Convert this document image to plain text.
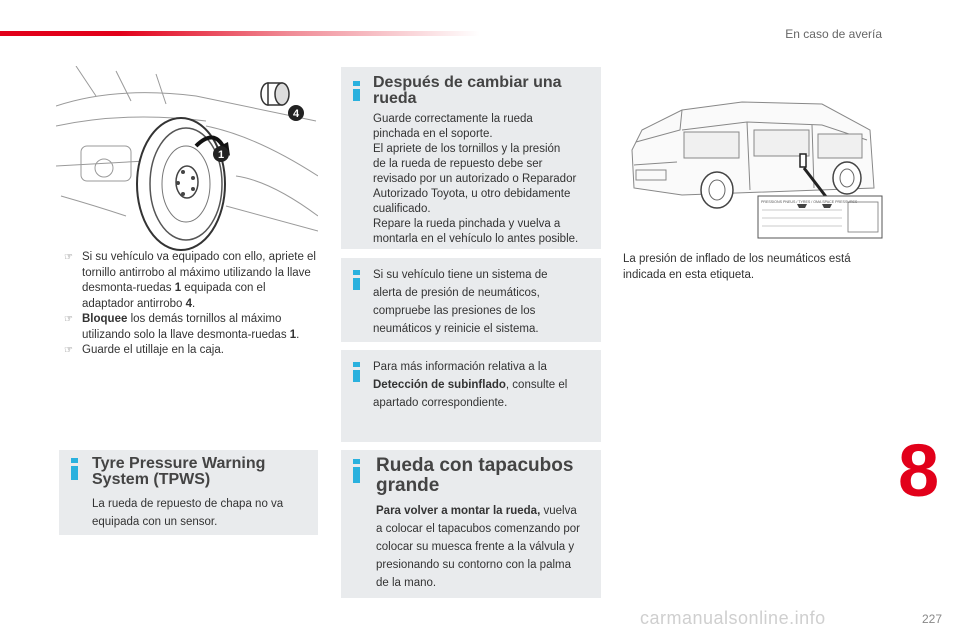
En caso de avería
4
1
☞ Si su vehículo va equipado con ello, apriete el tornillo antirrobo al máximo utilizando la llave desmonta-ruedas 1 equipada con el adaptador antirrobo 4.
☞ Bloquee los demás tornillos al máximo utilizando solo la llave desmonta-ruedas 1.
☞ Guarde el utillaje en la caja.
Después de cambiar una rueda

Guarde correctamente la rueda

pinchada en el soporte.

El apriete de los tornillos y la presión

de la rueda de repuesto debe ser

revisado por un autorizado o Reparador

Autorizado Toyota, u otro debidamente

cualificado.

Repare la rueda pinchada y vuelva a

montarla en el vehículo lo antes posible.

Si su vehículo tiene un sistema de

alerta de presión de neumáticos,

compruebe las presiones de los

neumáticos y reinicie el sistema.

Para más información relativa a la

Detección de subinflado, consulte el

apartado correspondiente.

Tyre Pressure Warning
System (TPWS)

La rueda de repuesto de chapa no va

equipada con un sensor.

Rueda con tapacubos
grande

Para volver a montar la rueda, vuelva

a colocar el tapacubos comenzando por

colocar su muesca frente a la válvula y

presionando su contorno con la palma

de la mano.

PRESSIONS PNEUS / TYRES / OMA SPACE PRESSURES

La presión de inflado de los neumáticos está

indicada en esta etiqueta.

8
carmanualsonline.info	227
